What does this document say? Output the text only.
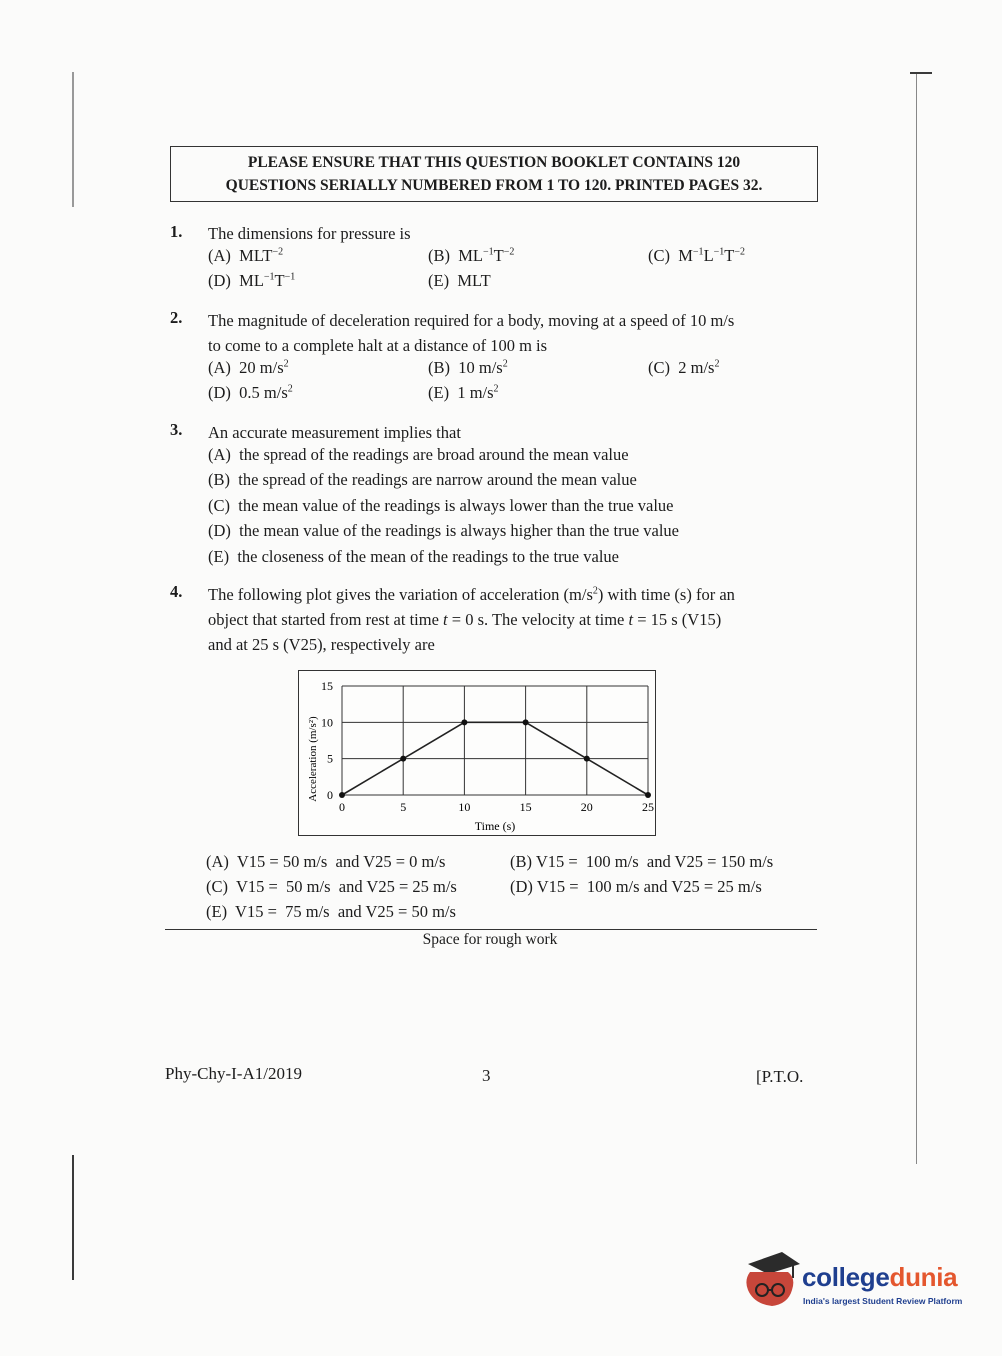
PLEASE ENSURE THAT THIS QUESTION BOOKLET CONTAINS 120
QUESTIONS SERIALLY NUMBERED FROM 1 TO 120. PRINTED PAGES 32.
1. The dimensions for pressure is
(A) $MLT^{-2}$	(B) $ML^{-1}T^{-2}$	(C) $M^{-1}L^{-1}T^{-2}$
(D) $ML^{-1}T^{-1}$	(E) MLT
2. The magnitude of deceleration required for a body, moving at a speed of 10 m/s
to come to a complete halt at a distance of 100 m is
(A) 20 $m/s^2$	(B) 10 $m/s^2$	(C) 2 $m/s^2$
(D) 0.5 $m/s^2$	(E) 1 $m/s^2$
3. An accurate measurement implies that
(A) the spread of the readings are broad around the mean value
(B) the spread of the readings are narrow around the mean value
(C) the mean value of the readings is always lower than the true value
(D) the mean value of the readings is always higher than the true value
(E) the closeness of the mean of the readings to the true value
4. The following plot gives the variation of acceleration $(m/s^2)$ with time (s) for an
object that started from rest at time t = 0 s. The velocity at time t = 15 s (V15)
and at 25 s (V25), respectively are
0	5	10	15	20	25
0
5
10
15
Acceleration (m/s²)
Time (s)
(A) V15 = 50 m/s  and V25 = 0 m/s	(B) V15 =  100 m/s  and V25 = 150 m/s
(C) V15 =  50 m/s  and V25 = 25 m/s	(D) V15 =  100 m/s and V25 = 25 m/s
(E) V15 =  75 m/s  and V25 = 50 m/s
Space for rough work
Phy-Chy-I-A1/2019	3	[P.T.O.
collegedunia
India's largest Student Review Platform
